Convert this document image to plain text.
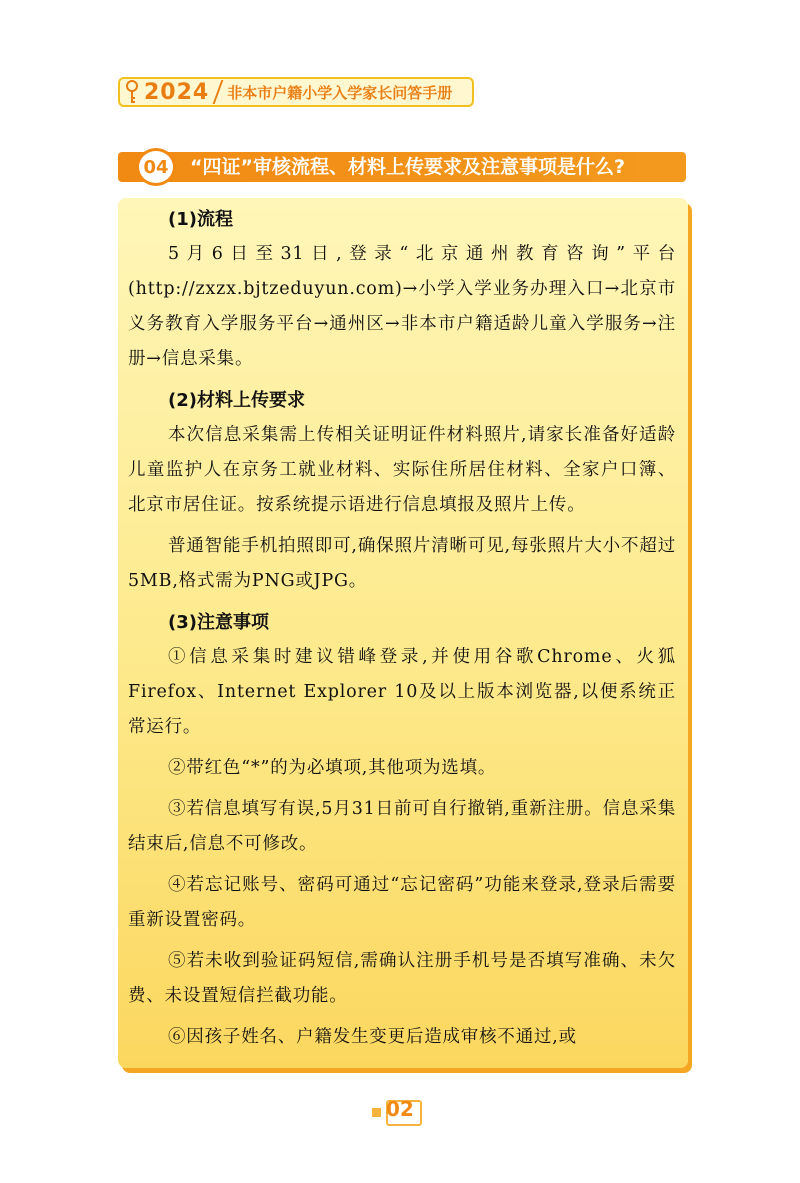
2024 非本市户籍小学入学家长问答手册
04	“四证”审核流程、材料上传要求及注意事项是什么?

(1)流程

5月6日至31日,登录“北京通州教育咨询”平台(http://zxzx.bjtzeduyun.com)→小学入学业务办理入口→北京市义务教育入学服务平台→通州区→非本市户籍适龄儿童入学服务→注册→信息采集。

(2)材料上传要求

本次信息采集需上传相关证明证件材料照片,请家长准备好适龄儿童监护人在京务工就业材料、实际住所居住材料、全家户口簿、北京市居住证。按系统提示语进行信息填报及照片上传。

普通智能手机拍照即可,确保照片清晰可见,每张照片大小不超过5MB,格式需为PNG或JPG。

(3)注意事项

①信息采集时建议错峰登录,并使用谷歌Chrome、火狐Firefox、Internet Explorer 10及以上版本浏览器,以便系统正常运行。

②带红色“*”的为必填项,其他项为选填。

③若信息填写有误,5月31日前可自行撤销,重新注册。信息采集结束后,信息不可修改。

④若忘记账号、密码可通过“忘记密码”功能来登录,登录后需要重新设置密码。

⑤若未收到验证码短信,需确认注册手机号是否填写准确、未欠费、未设置短信拦截功能。

⑥因孩子姓名、户籍发生变更后造成审核不通过,或

02
